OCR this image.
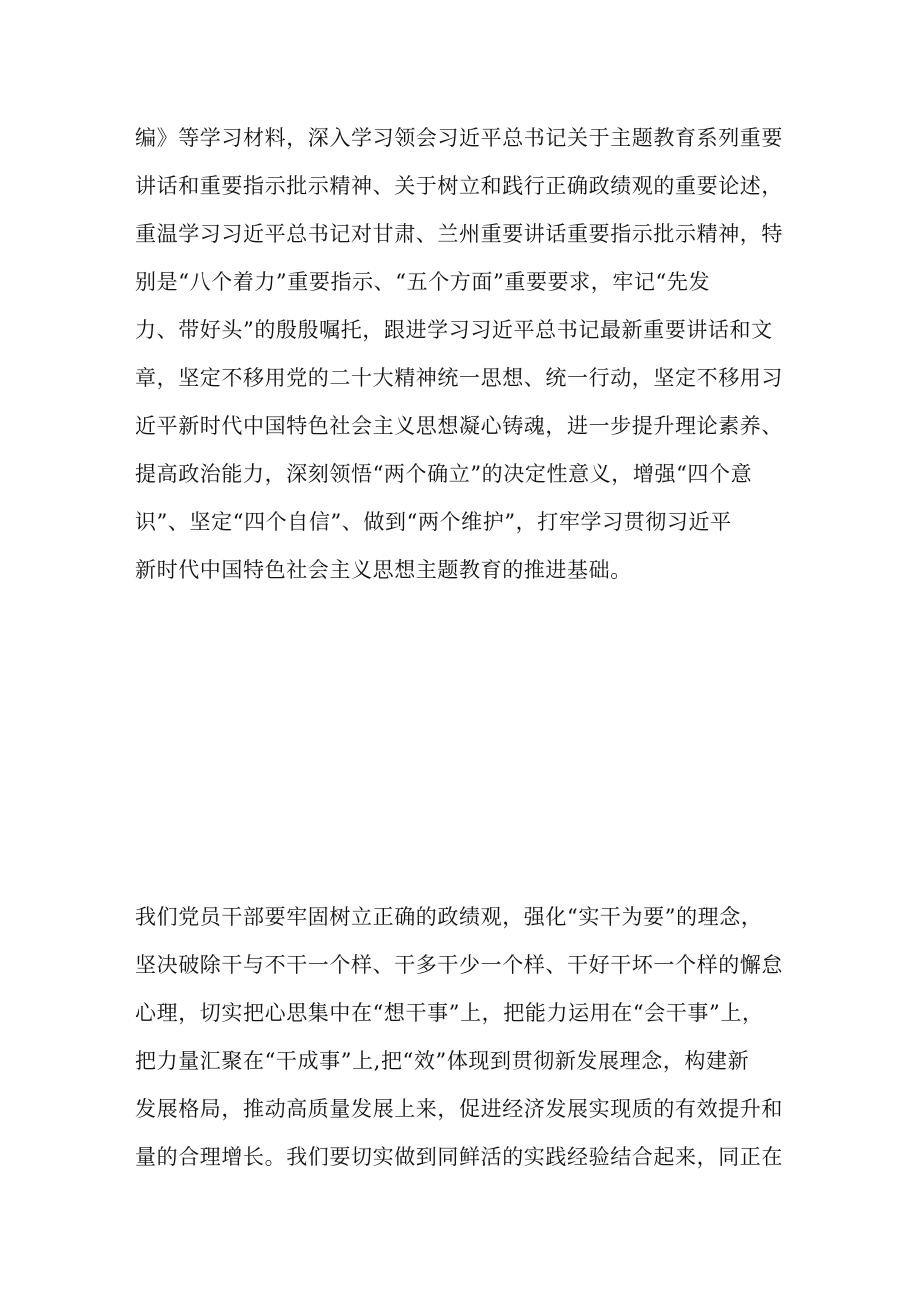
编》等学习材料，深入学习领会习近平总书记关于主题教育系列重要
讲话和重要指示批示精神、关于树立和践行正确政绩观的重要论述，
重温学习习近平总书记对甘肃、兰州重要讲话重要指示批示精神，特
别是“八个着力”重要指示、“五个方面”重要要求，牢记“先发
力、带好头”的殷殷嘱托，跟进学习习近平总书记最新重要讲话和文
章，坚定不移用党的二十大精神统一思想、统一行动，坚定不移用习
近平新时代中国特色社会主义思想凝心铸魂，进一步提升理论素养、
提高政治能力，深刻领悟“两个确立”的决定性意义，增强“四个意
识”、坚定“四个自信”、做到“两个维护”，打牢学习贯彻习近平
新时代中国特色社会主义思想主题教育的推进基础。
我们党员干部要牢固树立正确的政绩观，强化“实干为要”的理念，
坚决破除干与不干一个样、干多干少一个样、干好干坏一个样的懈怠
心理，切实把心思集中在“想干事”上，把能力运用在“会干事”上，
把力量汇聚在“干成事”上,把“效”体现到贯彻新发展理念，构建新
发展格局，推动高质量发展上来，促进经济发展实现质的有效提升和
量的合理增长。我们要切实做到同鲜活的实践经验结合起来，同正在
